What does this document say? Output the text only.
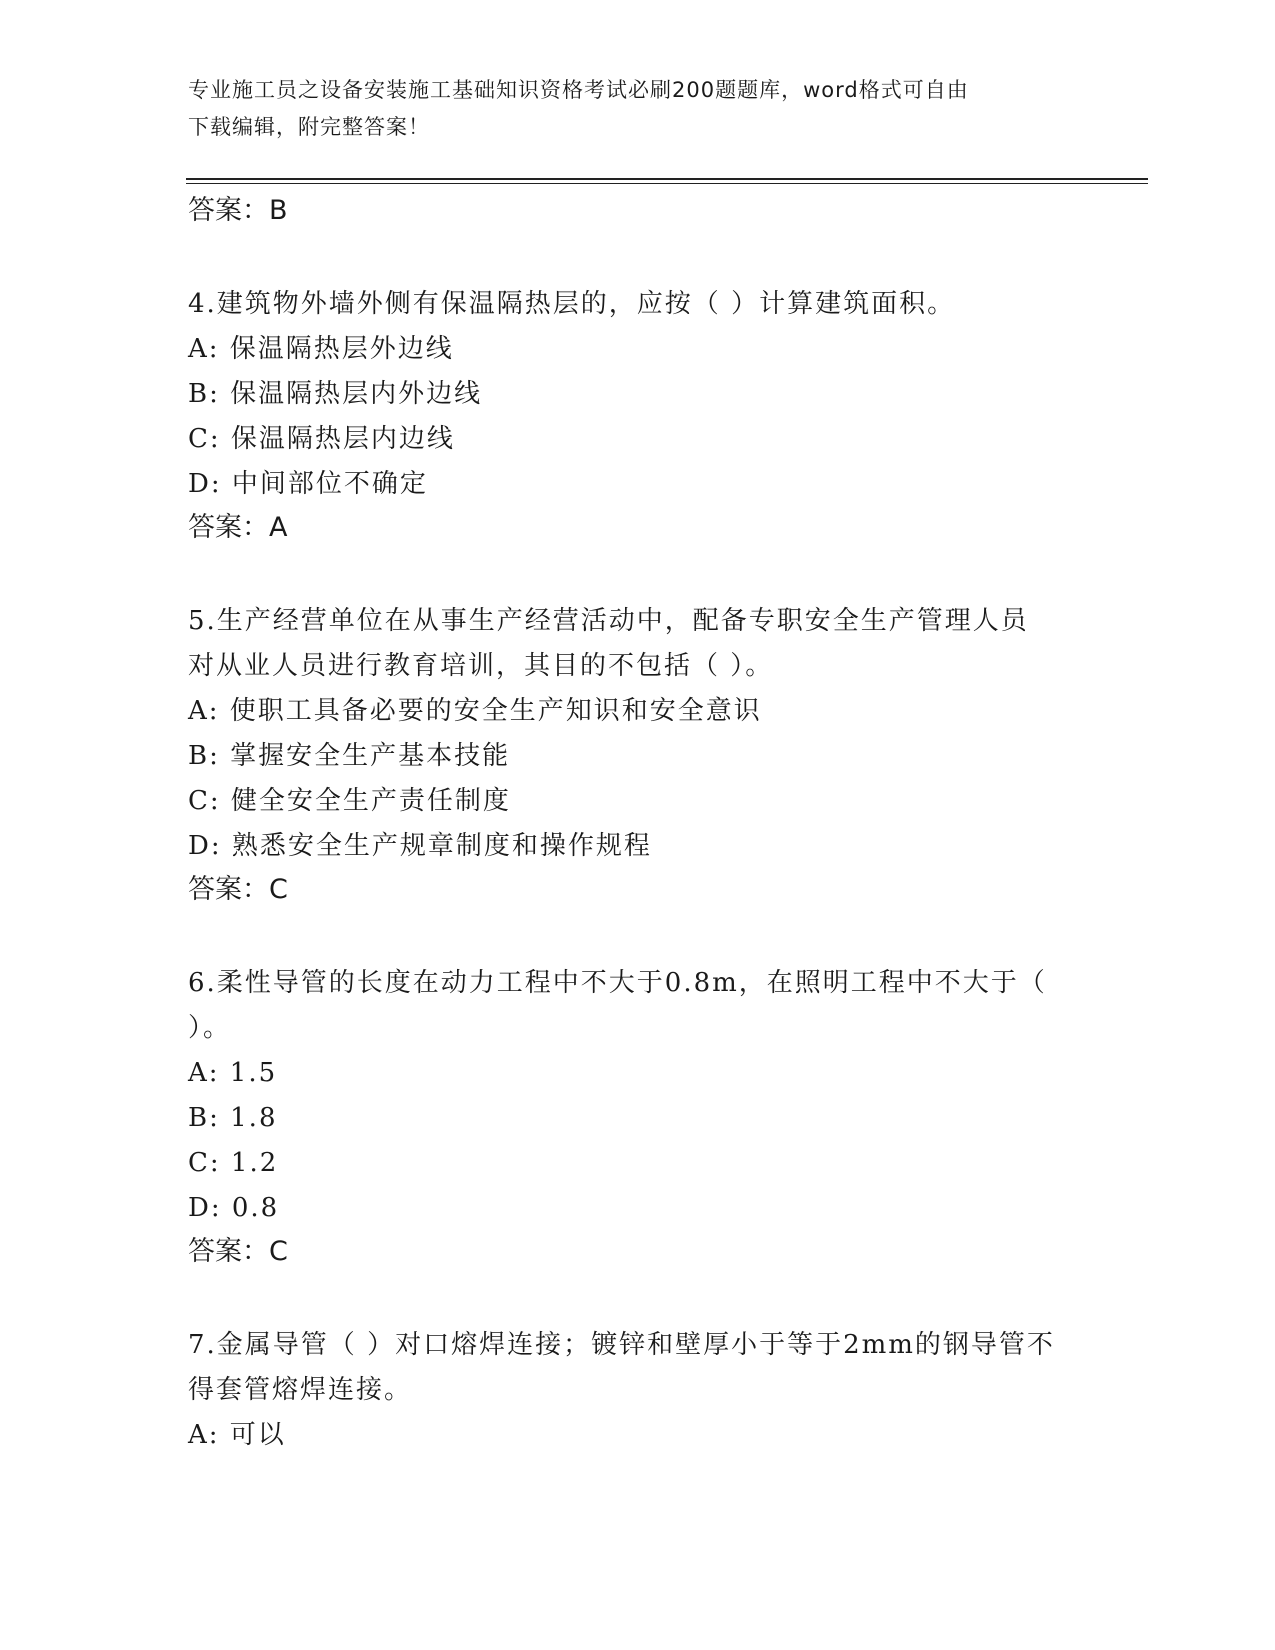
专业施工员之设备安装施工基础知识资格考试必刷200题题库，word格式可自由
下载编辑，附完整答案！
答案：B
4.建筑物外墙外侧有保温隔热层的，应按（ ）计算建筑面积。
A: 保温隔热层外边线
B: 保温隔热层内外边线
C: 保温隔热层内边线
D: 中间部位不确定
答案：A
5.生产经营单位在从事生产经营活动中，配备专职安全生产管理人员
对从业人员进行教育培训，其目的不包括（ ）。
A: 使职工具备必要的安全生产知识和安全意识
B: 掌握安全生产基本技能
C: 健全安全生产责任制度
D: 熟悉安全生产规章制度和操作规程
答案：C
6.柔性导管的长度在动力工程中不大于0.8m，在照明工程中不大于（
）。
A: 1.5
B: 1.8
C: 1.2
D: 0.8
答案：C
7.金属导管（ ）对口熔焊连接；镀锌和壁厚小于等于2mm的钢导管不
得套管熔焊连接。
A: 可以
